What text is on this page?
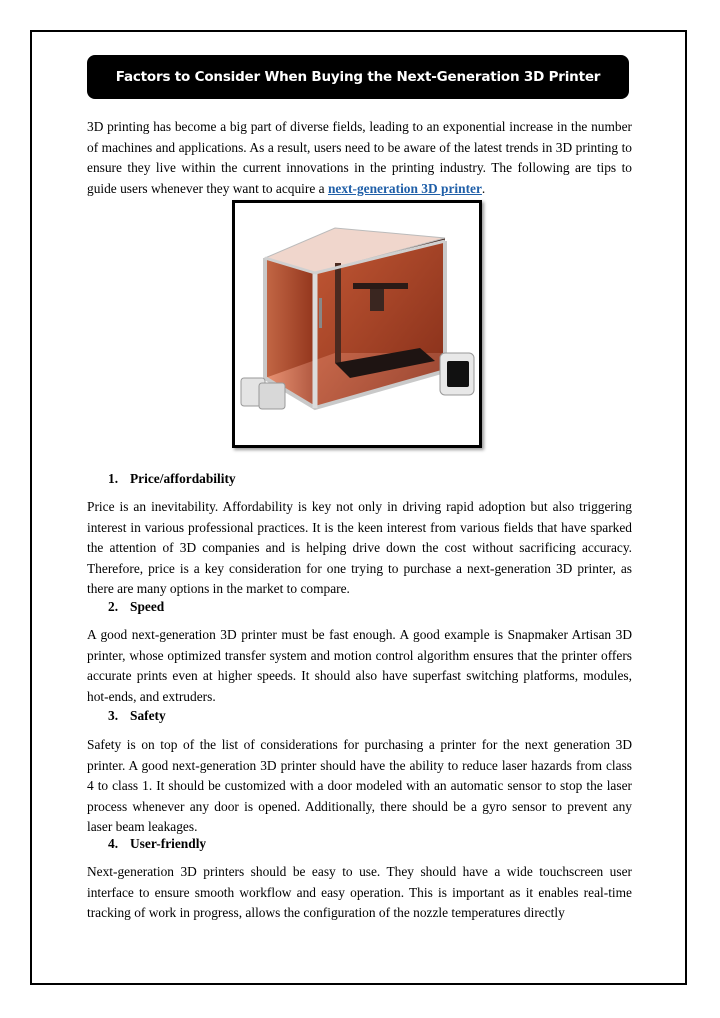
Factors to Consider When Buying the Next-Generation 3D Printer
3D printing has become a big part of diverse fields, leading to an exponential increase in the number of machines and applications. As a result, users need to be aware of the latest trends in 3D printing to ensure they live within the current innovations in the printing industry. The following are tips to guide users whenever they want to acquire a next-generation 3D printer.
1. Price/affordability
Price is an inevitability. Affordability is key not only in driving rapid adoption but also triggering interest in various professional practices. It is the keen interest from various fields that have sparked the attention of 3D companies and is helping drive down the cost without sacrificing accuracy. Therefore, price is a key consideration for one trying to purchase a next-generation 3D printer, as there are many options in the market to compare.
2. Speed
A good next-generation 3D printer must be fast enough. A good example is Snapmaker Artisan 3D printer, whose optimized transfer system and motion control algorithm ensures that the printer offers accurate prints even at higher speeds. It should also have superfast switching platforms, modules, hot-ends, and extruders.
3. Safety
Safety is on top of the list of considerations for purchasing a printer for the next generation 3D printer. A good next-generation 3D printer should have the ability to reduce laser hazards from class 4 to class 1. It should be customized with a door modeled with an automatic sensor to stop the laser process whenever any door is opened. Additionally, there should be a gyro sensor to prevent any laser beam leakages.
4. User-friendly
Next-generation 3D printers should be easy to use. They should have a wide touchscreen user interface to ensure smooth workflow and easy operation. This is important as it enables real-time tracking of work in progress, allows the configuration of the nozzle temperatures directly
